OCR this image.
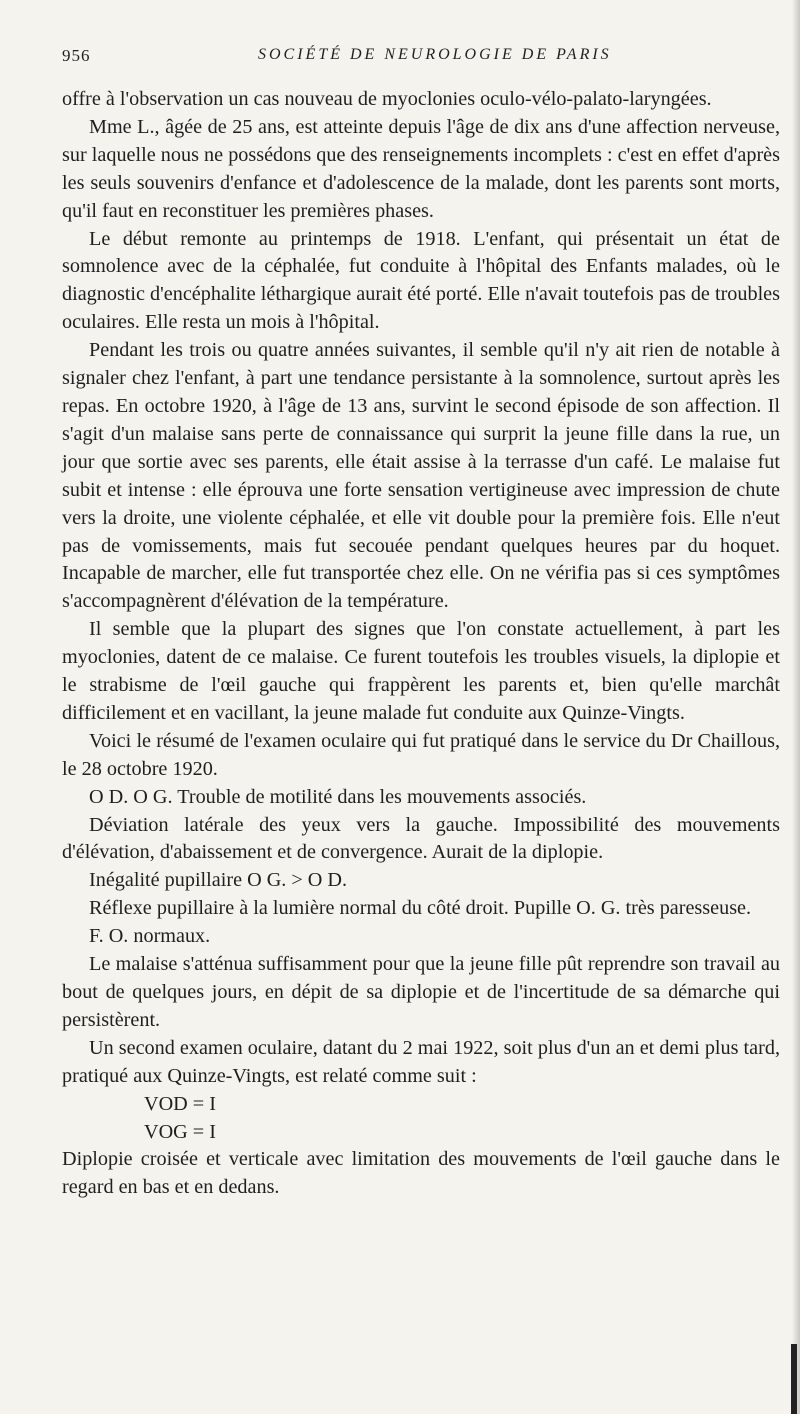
956	SOCIÉTÉ DE NEUROLOGIE DE PARIS

offre à l'observation un cas nouveau de myoclonies oculo-vélo-palato-laryngées.

Mme L., âgée de 25 ans, est atteinte depuis l'âge de dix ans d'une affection nerveuse, sur laquelle nous ne possédons que des renseignements incomplets : c'est en effet d'après les seuls souvenirs d'enfance et d'adolescence de la malade, dont les parents sont morts, qu'il faut en reconstituer les premières phases.

Le début remonte au printemps de 1918. L'enfant, qui présentait un état de somnolence avec de la céphalée, fut conduite à l'hôpital des Enfants malades, où le diagnostic d'encéphalite léthargique aurait été porté. Elle n'avait toutefois pas de troubles oculaires. Elle resta un mois à l'hôpital.

Pendant les trois ou quatre années suivantes, il semble qu'il n'y ait rien de notable à signaler chez l'enfant, à part une tendance persistante à la somnolence, surtout après les repas. En octobre 1920, à l'âge de 13 ans, survint le second épisode de son affection. Il s'agit d'un malaise sans perte de connaissance qui surprit la jeune fille dans la rue, un jour que sortie avec ses parents, elle était assise à la terrasse d'un café. Le malaise fut subit et intense : elle éprouva une forte sensation vertigineuse avec impression de chute vers la droite, une violente céphalée, et elle vit double pour la première fois. Elle n'eut pas de vomissements, mais fut secouée pendant quelques heures par du hoquet. Incapable de marcher, elle fut transportée chez elle. On ne vérifia pas si ces symptômes s'accompagnèrent d'élévation de la température.

Il semble que la plupart des signes que l'on constate actuellement, à part les myoclonies, datent de ce malaise. Ce furent toutefois les troubles visuels, la diplopie et le strabisme de l'œil gauche qui frappèrent les parents et, bien qu'elle marchât difficilement et en vacillant, la jeune malade fut conduite aux Quinze-Vingts.

Voici le résumé de l'examen oculaire qui fut pratiqué dans le service du Dr Chaillous, le 28 octobre 1920.

O D. O G. Trouble de motilité dans les mouvements associés.

Déviation latérale des yeux vers la gauche. Impossibilité des mouvements d'élévation, d'abaissement et de convergence. Aurait de la diplopie.

Inégalité pupillaire O G. > O D.

Réflexe pupillaire à la lumière normal du côté droit. Pupille O. G. très paresseuse.

F. O. normaux.

Le malaise s'atténua suffisamment pour que la jeune fille pût reprendre son travail au bout de quelques jours, en dépit de sa diplopie et de l'incertitude de sa démarche qui persistèrent.

Un second examen oculaire, datant du 2 mai 1922, soit plus d'un an et demi plus tard, pratiqué aux Quinze-Vingts, est relaté comme suit :

VOD = I

VOG = I

Diplopie croisée et verticale avec limitation des mouvements de l'œil gauche dans le regard en bas et en dedans.
